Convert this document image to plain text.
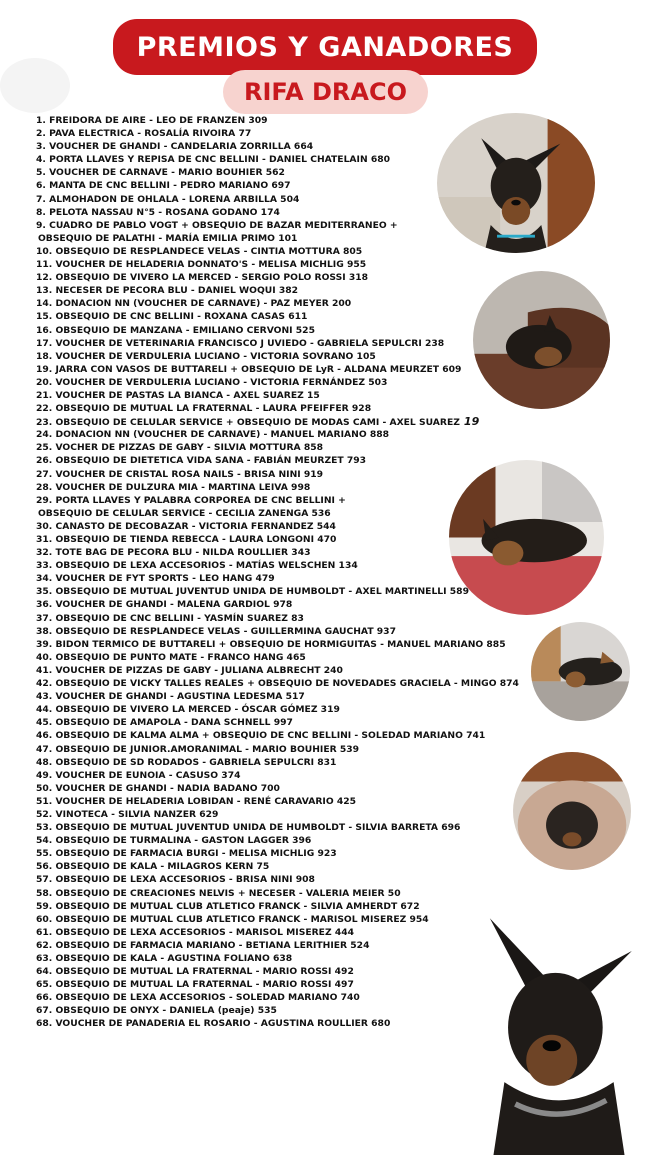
PREMIOS Y GANADORES
RIFA DRACO
1. FREIDORA DE AIRE - LEO DE FRANZEN 309
2. PAVA ELECTRICA - ROSALÍA RIVOIRA 77
3. VOUCHER DE GHANDI - CANDELARIA ZORRILLA 664
4. PORTA LLAVES Y REPISA DE CNC BELLINI - DANIEL CHATELAIN 680
5. VOUCHER DE CARNAVE - MARIO BOUHIER 562
6. MANTA DE CNC BELLINI - PEDRO MARIANO 697
7. ALMOHADON DE OHLALA - LORENA ARBILLA 504
8. PELOTA NASSAU N°5 - ROSANA GODANO 174
9. CUADRO DE PABLO VOGT + OBSEQUIO DE BAZAR MEDITERRANEO +
OBSEQUIO DE PALATHI - MARÍA EMILIA PRIMO 101
10. OBSEQUIO DE RESPLANDECE VELAS - CINTIA MOTTURA 805
11. VOUCHER DE HELADERIA DONNATO'S - MELISA MICHLIG 955
12. OBSEQUIO DE VIVERO LA MERCED - SERGIO POLO ROSSI 318
13. NECESER DE PECORA BLU - DANIEL WOQUI 382
14. DONACION NN (VOUCHER DE CARNAVE) - PAZ MEYER 200
15. OBSEQUIO DE CNC BELLINI - ROXANA CASAS 611
16. OBSEQUIO DE MANZANA - EMILIANO CERVONI 525
17. VOUCHER DE VETERINARIA FRANCISCO J UVIEDO - GABRIELA SEPULCRI 238
18. VOUCHER DE VERDULERIA LUCIANO - VICTORIA SOVRANO 105
19. JARRA CON VASOS DE BUTTARELI + OBSEQUIO DE LyR - ALDANA MEURZET 609
20. VOUCHER DE VERDULERIA LUCIANO - VICTORIA FERNÁNDEZ 503
21. VOUCHER DE PASTAS LA BIANCA - AXEL SUAREZ 15
22. OBSEQUIO DE MUTUAL LA FRATERNAL - LAURA PFEIFFER 928
23. OBSEQUIO DE CELULAR SERVICE + OBSEQUIO DE MODAS CAMI - AXEL SUAREZ 19
24. DONACION NN (VOUCHER DE CARNAVE) - MANUEL MARIANO 888
25. VOCHER DE PIZZAS DE GABY - SILVIA MOTTURA 858
26. OBSEQUIO DE DIETETICA VIDA SANA - FABIÁN MEURZET 793
27. VOUCHER DE CRISTAL ROSA NAILS - BRISA NINI 919
28. VOUCHER DE DULZURA MIA - MARTINA LEIVA 998
29. PORTA LLAVES Y PALABRA CORPOREA DE CNC BELLINI +
OBSEQUIO DE CELULAR SERVICE - CECILIA ZANENGA 536
30. CANASTO DE DECOBAZAR - VICTORIA FERNANDEZ 544
31. OBSEQUIO DE TIENDA REBECCA - LAURA LONGONI 470
32. TOTE BAG DE PECORA BLU - NILDA ROULLIER 343
33. OBSEQUIO DE LEXA ACCESORIOS - MATÍAS WELSCHEN 134
34. VOUCHER DE FYT SPORTS - LEO HANG 479
35. OBSEQUIO DE MUTUAL JUVENTUD UNIDA DE HUMBOLDT - AXEL MARTINELLI 589
36. VOUCHER DE GHANDI - MALENA GARDIOL 978
37. OBSEQUIO DE CNC BELLINI - YASMÍN SUAREZ 83
38. OBSEQUIO DE RESPLANDECE VELAS - GUILLERMINA GAUCHAT 937
39. BIDON TERMICO DE BUTTARELI + OBSEQUIO DE HORMIGUITAS - MANUEL MARIANO 885
40. OBSEQUIO DE PUNTO MATE - FRANCO HANG 465
41. VOUCHER DE PIZZAS DE GABY - JULIANA ALBRECHT 240
42. OBSEQUIO DE VICKY TALLES REALES + OBSEQUIO DE NOVEDADES GRACIELA - MINGO 874
43. VOUCHER DE GHANDI - AGUSTINA LEDESMA 517
44. OBSEQUIO DE VIVERO LA MERCED - ÓSCAR GÓMEZ 319
45. OBSEQUIO DE AMAPOLA - DANA SCHNELL 997
46. OBSEQUIO DE KALMA ALMA + OBSEQUIO DE CNC BELLINI - SOLEDAD MARIANO 741
47. OBSEQUIO DE JUNIOR.AMORANIMAL - MARIO BOUHIER 539
48. OBSEQUIO DE SD RODADOS - GABRIELA SEPULCRI 831
49. VOUCHER DE EUNOIA - CASUSO 374
50. VOUCHER DE GHANDI - NADIA BADANO 700
51. VOUCHER DE HELADERIA LOBIDAN - RENÉ CARAVARIO 425
52. VINOTECA - SILVIA NANZER 629
53. OBSEQUIO DE MUTUAL JUVENTUD UNIDA DE HUMBOLDT - SILVIA BARRETA 696
54. OBSEQUIO DE TURMALINA - GASTON LAGGER 396
55. OBSEQUIO DE FARMACIA BURGI - MELISA MICHLIG 923
56. OBSEQUIO DE KALA - MILAGROS KERN 75
57. OBSEQUIO DE LEXA ACCESORIOS - BRISA NINI 908
58. OBSEQUIO DE CREACIONES NELVIS + NECESER - VALERIA MEIER 50
59. OBSEQUIO DE MUTUAL CLUB ATLETICO FRANCK - SILVIA AMHERDT 672
60. OBSEQUIO DE MUTUAL CLUB ATLETICO FRANCK - MARISOL MISEREZ 954
61. OBSEQUIO DE LEXA ACCESORIOS - MARISOL MISEREZ 444
62. OBSEQUIO DE FARMACIA MARIANO - BETIANA LERITHIER 524
63. OBSEQUIO DE KALA - AGUSTINA FOLIANO 638
64. OBSEQUIO DE MUTUAL LA FRATERNAL - MARIO ROSSI 492
65. OBSEQUIO DE MUTUAL LA FRATERNAL - MARIO ROSSI 497
66. OBSEQUIO DE LEXA ACCESORIOS - SOLEDAD MARIANO 740
67. OBSEQUIO DE ONYX - DANIELA (peaje) 535
68. VOUCHER DE PANADERIA EL ROSARIO - AGUSTINA ROULLIER 680
